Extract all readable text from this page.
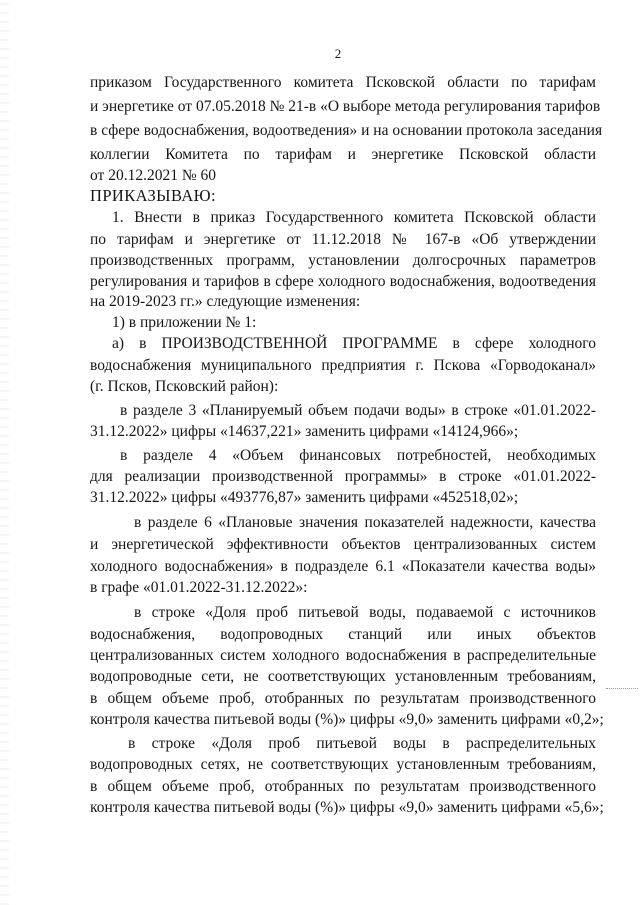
2
приказом Государственного комитета Псковской области по тарифам
и энергетике от 07.05.2018 № 21-в «О выборе метода регулирования тарифов
в сфере водоснабжения, водоотведения» и на основании протокола заседания
коллегии Комитета по тарифам и энергетике Псковской области
от 20.12.2021 № 60
ПРИКАЗЫВАЮ:
1. Внести в приказ Государственного комитета Псковской области
по тарифам и энергетике от 11.12.2018 № 167-в «Об утверждении
производственных программ, установлении долгосрочных параметров
регулирования и тарифов в сфере холодного водоснабжения, водоотведения
на 2019-2023 гг.» следующие изменения:
1) в приложении № 1:
а) в ПРОИЗВОДСТВЕННОЙ ПРОГРАММЕ в сфере холодного
водоснабжения муниципального предприятия г. Пскова «Горводоканал»
(г. Псков, Псковский район):
в разделе 3 «Планируемый объем подачи воды» в строке «01.01.2022-
31.12.2022» цифры «14637,221» заменить цифрами «14124,966»;
в разделе 4 «Объем финансовых потребностей, необходимых
для реализации производственной программы» в строке «01.01.2022-
31.12.2022» цифры «493776,87» заменить цифрами «452518,02»;
в разделе 6 «Плановые значения показателей надежности, качества
и энергетической эффективности объектов централизованных систем
холодного водоснабжения» в подразделе 6.1 «Показатели качества воды»
в графе «01.01.2022-31.12.2022»:
в строке «Доля проб питьевой воды, подаваемой с источников
водоснабжения, водопроводных станций или иных объектов
централизованных систем холодного водоснабжения в распределительные
водопроводные сети, не соответствующих установленным требованиям,
в общем объеме проб, отобранных по результатам производственного
контроля качества питьевой воды (%)» цифры «9,0» заменить цифрами «0,2»;
в строке «Доля проб питьевой воды в распределительных
водопроводных сетях, не соответствующих установленным требованиям,
в общем объеме проб, отобранных по результатам производственного
контроля качества питьевой воды (%)» цифры «9,0» заменить цифрами «5,6»;
